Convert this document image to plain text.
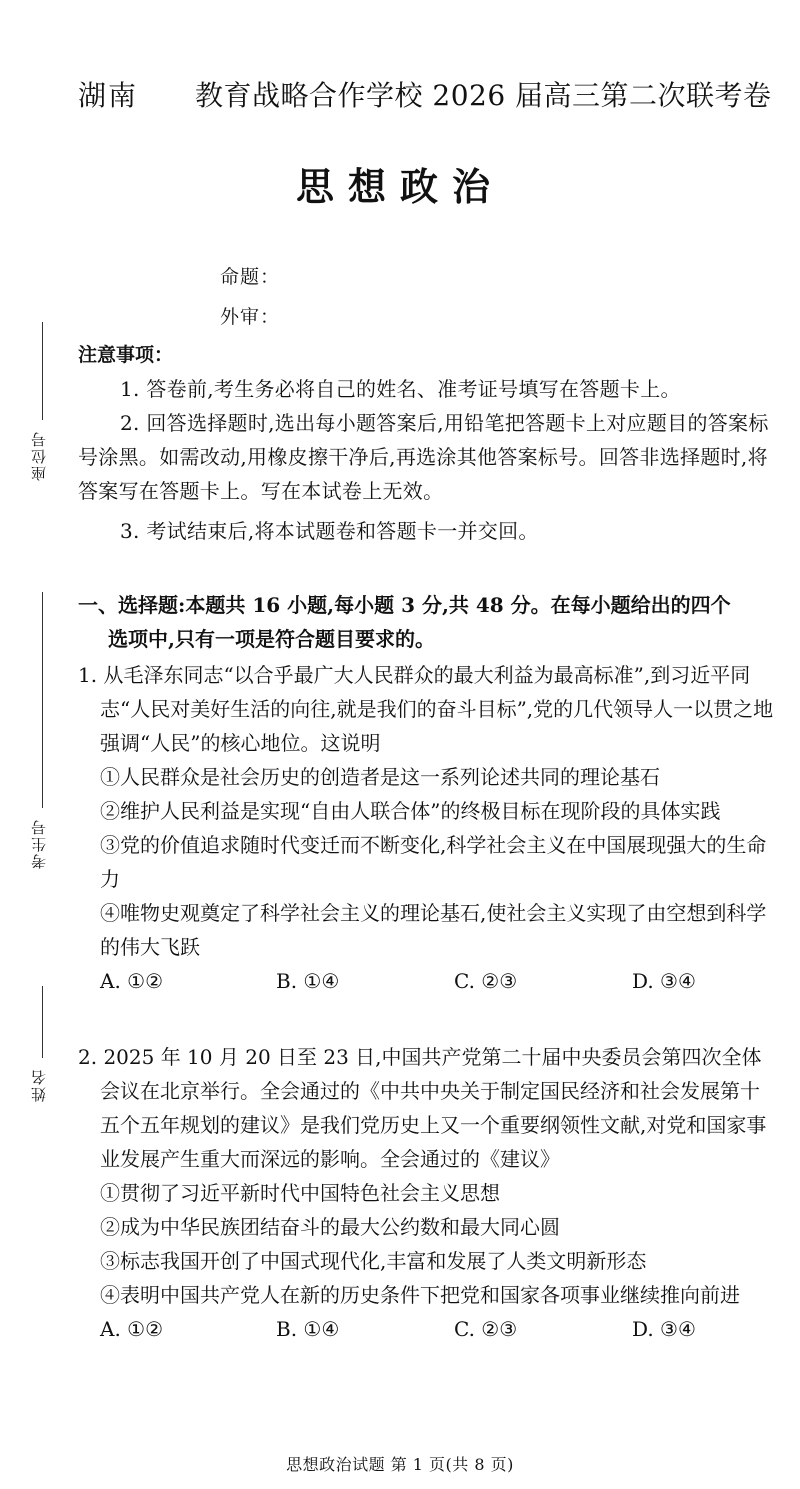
湖南 教育战略合作学校 2026 届高三第二次联考卷
思想政治
命题：
外审：
座位号
考生号
姓名
注意事项：
1. 答卷前,考生务必将自己的姓名、准考证号填写在答题卡上。
2. 回答选择题时,选出每小题答案后,用铅笔把答题卡上对应题目的答案标号涂黑。如需改动,用橡皮擦干净后,再选涂其他答案标号。回答非选择题时,将答案写在答题卡上。写在本试卷上无效。
3. 考试结束后,将本试题卷和答题卡一并交回。
一、选择题:本题共 16 小题,每小题 3 分,共 48 分。在每小题给出的四个
选项中,只有一项是符合题目要求的。
1. 从毛泽东同志“以合乎最广大人民群众的最大利益为最高标准”,到习近平同志“人民对美好生活的向往,就是我们的奋斗目标”,党的几代领导人一以贯之地强调“人民”的核心地位。这说明
①人民群众是社会历史的创造者是这一系列论述共同的理论基石
②维护人民利益是实现“自由人联合体”的终极目标在现阶段的具体实践
③党的价值追求随时代变迁而不断变化,科学社会主义在中国展现强大的生命力
④唯物史观奠定了科学社会主义的理论基石,使社会主义实现了由空想到科学的伟大飞跃
A. ①②	B. ①④	C. ②③	D. ③④
2. 2025 年 10 月 20 日至 23 日,中国共产党第二十届中央委员会第四次全体会议在北京举行。全会通过的《中共中央关于制定国民经济和社会发展第十五个五年规划的建议》是我们党历史上又一个重要纲领性文献,对党和国家事业发展产生重大而深远的影响。全会通过的《建议》
①贯彻了习近平新时代中国特色社会主义思想
②成为中华民族团结奋斗的最大公约数和最大同心圆
③标志我国开创了中国式现代化,丰富和发展了人类文明新形态
④表明中国共产党人在新的历史条件下把党和国家各项事业继续推向前进
A. ①②	B. ①④	C. ②③	D. ③④
思想政治试题 第 1 页(共 8 页)
